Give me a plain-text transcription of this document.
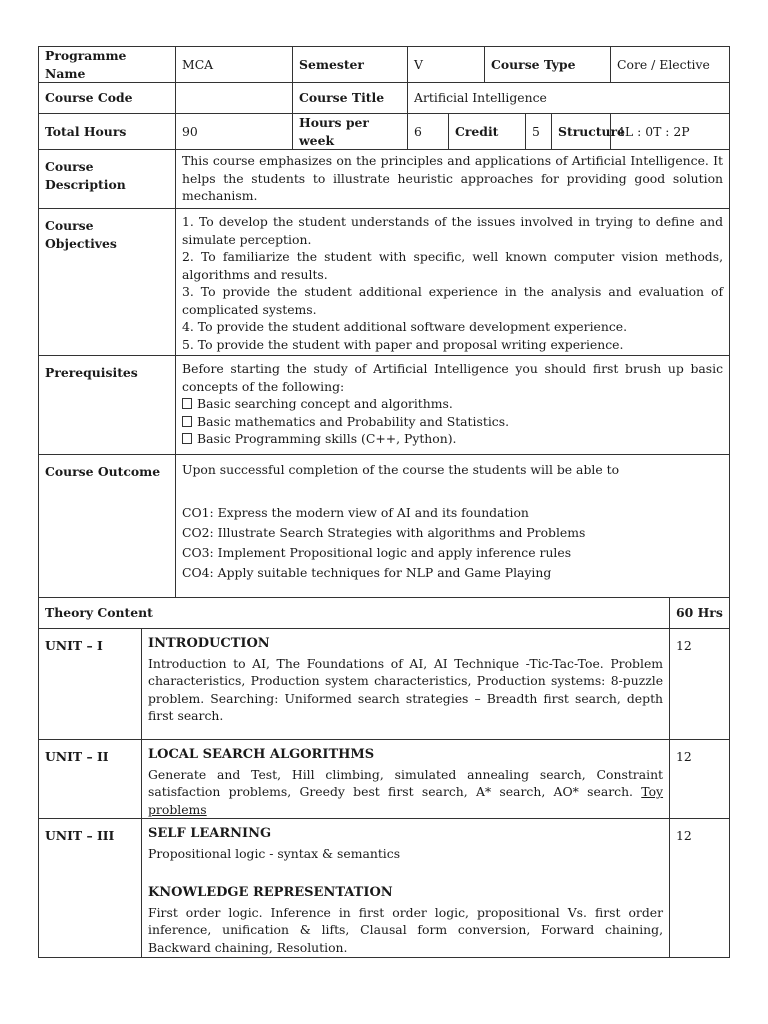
Programme Name		MCA	Semester	V		Course Type			Core / Elective	
Course Code			Course Title	Artificial Intelligence						
Total Hours		90	Hours per week	6	Credit		5	Structure	4L : 0T : 2P	
Course Description		This course emphasizes on the principles and applications of Artificial Intelligence. It helps the students to illustrate heuristic approaches for providing good solution mechanism.								
Course Objectives		1. To develop the student understands of the issues involved in trying to define and simulate perception.
2. To familiarize the student with specific, well known computer vision methods, algorithms and results.
3. To provide the student additional experience in the analysis and evaluation of complicated systems.
4. To provide the student additional software development experience.
5. To provide the student with paper and proposal writing experience.								

Prerequisites		Before starting the study of Artificial Intelligence you should first brush up basic concepts of the following:
Basic searching concept and algorithms.
Basic mathematics and Probability and Statistics.
Basic Programming skills (C++, Python).								

Course Outcome		Upon successful completion of the course the students will be able to
CO1: Express the modern view of AI and its foundation
CO2: Illustrate Search Strategies with algorithms and Problems
CO3: Implement Propositional logic and apply inference rules
CO4: Apply suitable techniques for NLP and Game Playing								

Theory Content										60 Hrs
UNIT – I	INTRODUCTION
Introduction to AI, The Foundations of AI, AI Technique -Tic-Tac-Toe. Problem characteristics, Production system characteristics, Production systems: 8-puzzle problem. Searching: Uniformed search strategies – Breadth first search, depth first search.									12
UNIT – II	LOCAL SEARCH ALGORITHMS
Generate and Test, Hill climbing, simulated annealing search, Constraint satisfaction problems, Greedy best first search, A* search, AO* search. Toy problems									12
UNIT – III	SELF LEARNING
Propositional logic - syntax & semantics
KNOWLEDGE REPRESENTATION
First order logic. Inference in first order logic, propositional Vs. first order inference, unification & lifts, Clausal form conversion, Forward chaining, Backward chaining, Resolution.									12
